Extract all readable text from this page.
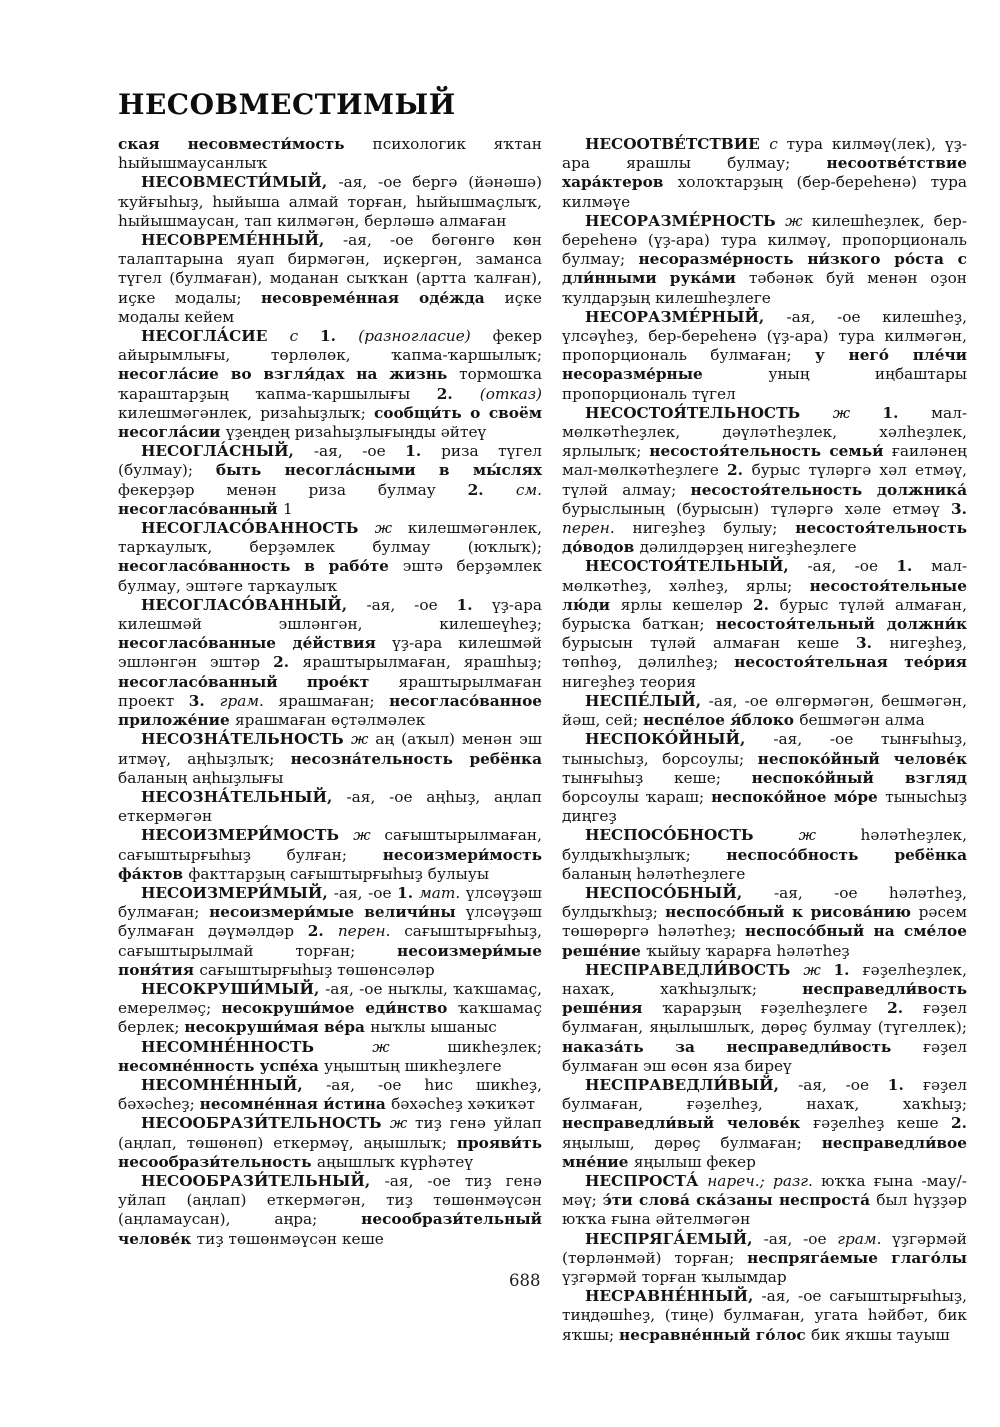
НЕСОВМЕСТИМЫЙ

ская несовмести́мость психологик яҡтан һыйышмаусанлыҡ

НЕСОВМЕСТИ́МЫЙ, -ая, -ое бергә (йәнәшә) ҡуйғыһыҙ, һыйыша алмай торған, һыйышмаҫлыҡ, һыйышмаусан, тап килмәгән, берләшә алмаған

НЕСОВРЕМЕ́ННЫЙ, -ая, -ое бөгөнгө көн талаптарына яуап бирмәгән, иҫкергән, заманса түгел (булмаған), моданан сыҡҡан (артта ҡалған), иҫке модалы; несовреме́нная оде́жда иҫке модалы кейем

НЕСОГЛА́СИЕ с 1. (разногласие) фекер айырымлығы, төрлөлөк, ҡапма-ҡаршылыҡ; несогла́сие во взгля́дах на жизнь тормошҡа ҡараштарҙың ҡапма-ҡаршылығы 2. (отказ) килешмәгәнлек, ризаһыҙлыҡ; сообщи́ть о своём несогла́сии үҙеңдең ризаһыҙлығыңды әйтеү

НЕСОГЛА́СНЫЙ, -ая, -ое 1. риза түгел (булмау); быть несогла́сными в мы́слях фекерҙәр менән риза булмау 2. см. несогласо́ванный 1

НЕСОГЛАСО́ВАННОСТЬ ж килешмәгәнлек, тарҡаулыҡ, берҙәмлек булмау (юҡлыҡ); несогласо́ванность в рабо́те эштә берҙәмлек булмау, эштәге тарҡаулыҡ

НЕСОГЛАСО́ВАННЫЙ, -ая, -ое 1. үҙ-ара килешмәй эшләнгән, килешеүһеҙ; несогласо́ванные де́йствия үҙ-ара килешмәй эшләнгән эштәр 2. яраштырылмаған, ярашһыҙ; несогласо́ванный прое́кт яраштырылмаған проект 3. грам. ярашмаған; несогласо́ванное приложе́ние ярашмаған өҫтәлмәлек

НЕСОЗНА́ТЕЛЬНОСТЬ ж аң (аҡыл) менән эш итмәү, аңһыҙлыҡ; несозна́тельность ребёнка баланың аңһыҙлығы

НЕСОЗНА́ТЕЛЬНЫЙ, -ая, -ое аңһыҙ, аңлап еткермәгән

НЕСОИЗМЕРИ́МОСТЬ ж сағыштырылмаған, сағыштырғыһыҙ булған; несоизмери́мость фа́ктов факттарҙың сағыштырғыһыҙ булыуы

НЕСОИЗМЕРИ́МЫЙ, -ая, -ое 1. мат. үлсәүҙәш булмаған; несоизмери́мые величи́ны үлсәүҙәш булмаған дәүмәлдәр 2. перен. сағыштырғыһыҙ, сағыштырылмай торған; несоизмери́мые поня́тия сағыштырғыһыҙ төшөнсәләр

НЕСОКРУШИ́МЫЙ, -ая, -ое ныҡлы, ҡаҡшамаҫ, емерелмәҫ; несокруши́мое еди́нство ҡаҡшамаҫ берлек; несокруши́мая ве́ра ныҡлы ышаныс

НЕСОМНЕ́ННОСТЬ ж шикһеҙлек; несомне́нность успе́ха уңыштың шикһеҙлеге

НЕСОМНЕ́ННЫЙ, -ая, -ое һис шикһеҙ, бәхәсһеҙ; несомне́нная и́стина бәхәсһеҙ хәҡиҡәт

НЕСООБРАЗИ́ТЕЛЬНОСТЬ ж тиҙ генә уйлап (аңлап, төшөнөп) еткермәү, аңышлыҡ; прояви́ть несообрази́тельность аңышлыҡ күрһәтеү

НЕСООБРАЗИ́ТЕЛЬНЫЙ, -ая, -ое тиҙ генә уйлап (аңлап) еткермәгән, тиҙ төшөнмәүсән (аңламаусан), аңра; несообрази́тельный челове́к тиҙ төшөнмәүсән кеше

НЕСООТВЕ́ТСТВИЕ с тура килмәү(лек), үҙ-ара ярашлы булмау; несоотве́тствие хара́ктеров холоҡтарҙың (бер-береһенә) тура килмәүе

НЕСОРАЗМЕ́РНОСТЬ ж килешһеҙлек, бер-береһенә (үҙ-ара) тура килмәү, пропорциональ булмау; несоразме́рность ни́зкого ро́ста с дли́нными рука́ми тәбәнәк буй менән оҙон ҡулдарҙың килешһеҙлеге

НЕСОРАЗМЕ́РНЫЙ, -ая, -ое килешһеҙ, үлсәүһеҙ, бер-береһенә (үҙ-ара) тура килмәгән, пропорциональ булмаған; у него́ пле́чи несоразме́рные уның иңбаштары пропорциональ түгел

НЕСОСТОЯ́ТЕЛЬНОСТЬ ж 1. мал-мөлкәтһеҙлек, дәүләтһеҙлек, хәлһеҙлек, ярлылыҡ; несостоя́тельность семьи́ ғаиләнең мал-мөлкәтһеҙлеге 2. бурыс түләргә хәл етмәү, түләй алмау; несостоя́тельность должника́ бурыслының (бурысын) түләргә хәле етмәү 3. перен. нигеҙһеҙ булыу; несостоя́тельность до́водов дәлилдәрҙең нигеҙһеҙлеге

НЕСОСТОЯ́ТЕЛЬНЫЙ, -ая, -ое 1. мал-мөлкәтһеҙ, хәлһеҙ, ярлы; несостоя́тельные лю́ди ярлы кешеләр 2. бурыс түләй алмаған, бурысҡа батҡан; несостоя́тельный должни́к бурысын түләй алмаған кеше 3. нигеҙһеҙ, төпһөҙ, дәлилһеҙ; несостоя́тельная тео́рия нигеҙһеҙ теория

НЕСПЕ́ЛЫЙ, -ая, -ое өлгөрмәгән, бешмәгән, йәш, сей; неспе́лое я́блоко бешмәгән алма

НЕСПОКО́ЙНЫЙ, -ая, -ое тынғыһыҙ, тынысһыҙ, борсоулы; неспоко́йный челове́к тынғыһыҙ кеше; неспоко́йный взгляд борсоулы ҡараш; неспоко́йное мо́ре тынысһыҙ диңгеҙ

НЕСПОСО́БНОСТЬ ж һәләтһеҙлек, булдыҡһыҙлыҡ; неспосо́бность ребёнка баланың һәләтһеҙлеге

НЕСПОСО́БНЫЙ, -ая, -ое һәләтһеҙ, булдыҡһыҙ; неспосо́бный к рисова́нию рәсем төшөрөргә һәләтһеҙ; неспосо́бный на сме́лое реше́ние ҡыйыу ҡарарға һәләтһеҙ

НЕСПРАВЕДЛИ́ВОСТЬ ж 1. ғәҙелһеҙлек, нахаҡ, хаҡһыҙлыҡ; несправедли́вость реше́ния ҡарарҙың ғәҙелһеҙлеге 2. ғәҙел булмаған, яңылышлыҡ, дөрөҫ булмау (түгеллек); наказа́ть за несправедли́вость ғәҙел булмаған эш өсөн яза биреү

НЕСПРАВЕДЛИ́ВЫЙ, -ая, -ое 1. ғәҙел булмаған, ғәҙелһеҙ, нахаҡ, хаҡһыҙ; несправедли́вый челове́к ғәҙелһеҙ кеше 2. яңылыш, дөрөҫ булмаған; несправедли́вое мне́ние яңылыш фекер

НЕСПРОСТА́ нареч.; разг. юҡҡа ғына -мау/-мәү; э́ти слова́ ска́заны неспроста́ был һүҙҙәр юҡҡа ғына әйтелмәгән

НЕСПРЯГА́ЕМЫЙ, -ая, -ое грам. үҙгәрмәй (төрләнмәй) торған; неспряга́емые глаго́лы үҙгәрмәй торған ҡылымдар

НЕСРАВНЕ́ННЫЙ, -ая, -ое сағыштырғыһыҙ, тиңдәшһеҙ, (тиңе) булмаған, угата һәйбәт, бик яҡшы; несравне́нный го́лос бик яҡшы тауыш

688
